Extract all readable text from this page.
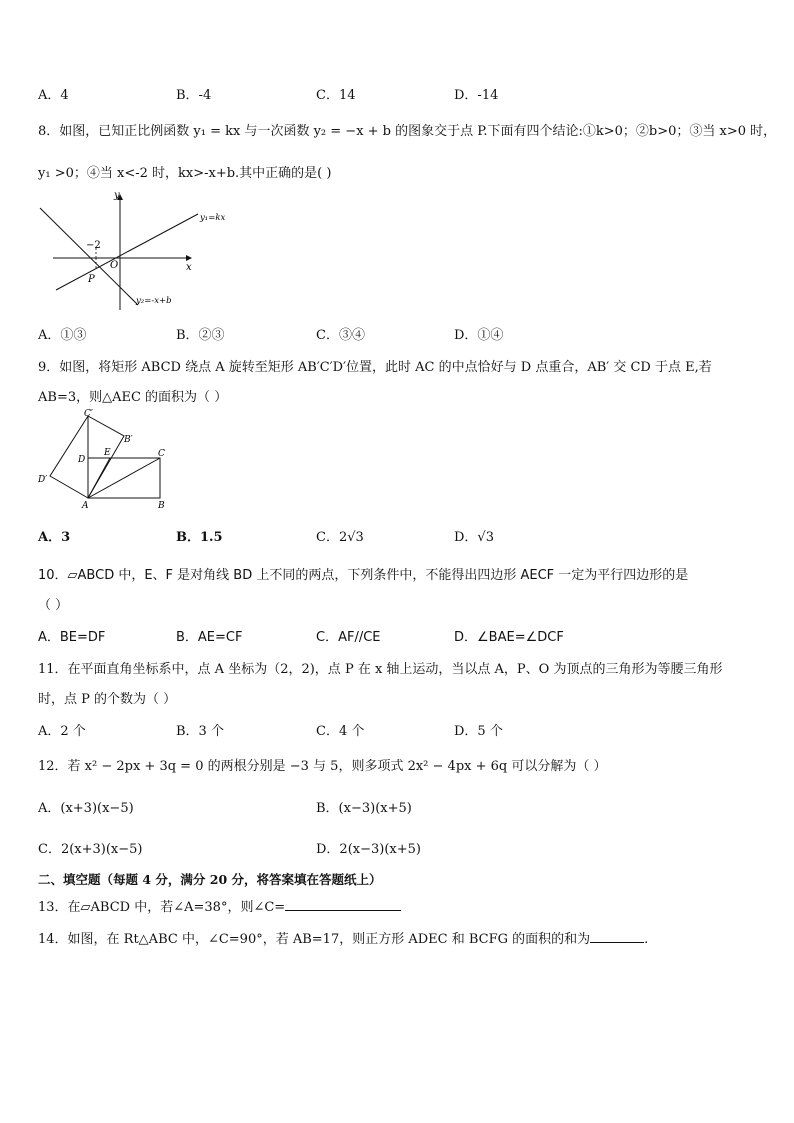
A．4	B．-4	C．14	D．-14
8．如图，已知正比例函数 y₁ = kx 与一次函数 y₂ = −x + b 的图象交于点 P.下面有四个结论:①k>0；②b>0；③当 x>0 时，
y₁ >0；④当 x<-2 时，kx>-x+b.其中正确的是( )
y
x
O
−2
P
y₁=kx
y₂=-x+b
A．①③	B．②③	C．③④	D．①④
9．如图，将矩形 ABCD 绕点 A 旋转至矩形 AB′C′D′位置，此时 AC 的中点恰好与 D 点重合，AB′ 交 CD 于点 E,若
AB=3，则△AEC 的面积为（ ）
C′
B′
D
E	C
D′
A	B
A．3	B．1.5	C．2√3	D．√3
10．▱ABCD 中，E、F 是对角线 BD 上不同的两点，下列条件中，不能得出四边形 AECF 一定为平行四边形的是
（ ）
A．BE=DF	B．AE=CF	C．AF//CE	D．∠BAE=∠DCF
11．在平面直角坐标系中，点 A 坐标为（2，2)，点 P 在 x 轴上运动，当以点 A，P、O 为顶点的三角形为等腰三角形
时，点 P 的个数为（ ）
A．2 个	B．3 个	C．4 个	D．5 个
12．若 x² − 2px + 3q = 0 的两根分别是 −3 与 5，则多项式 2x² − 4px + 6q 可以分解为（ ）
A．(x+3)(x−5)	B．(x−3)(x+5)
C．2(x+3)(x−5)	D．2(x−3)(x+5)
二、填空题（每题 4 分，满分 20 分，将答案填在答题纸上）
13．在▱ABCD 中，若∠A=38°，则∠C=
14．如图，在 Rt△ABC 中，∠C=90°，若 AB=17，则正方形 ADEC 和 BCFG 的面积的和为	.
